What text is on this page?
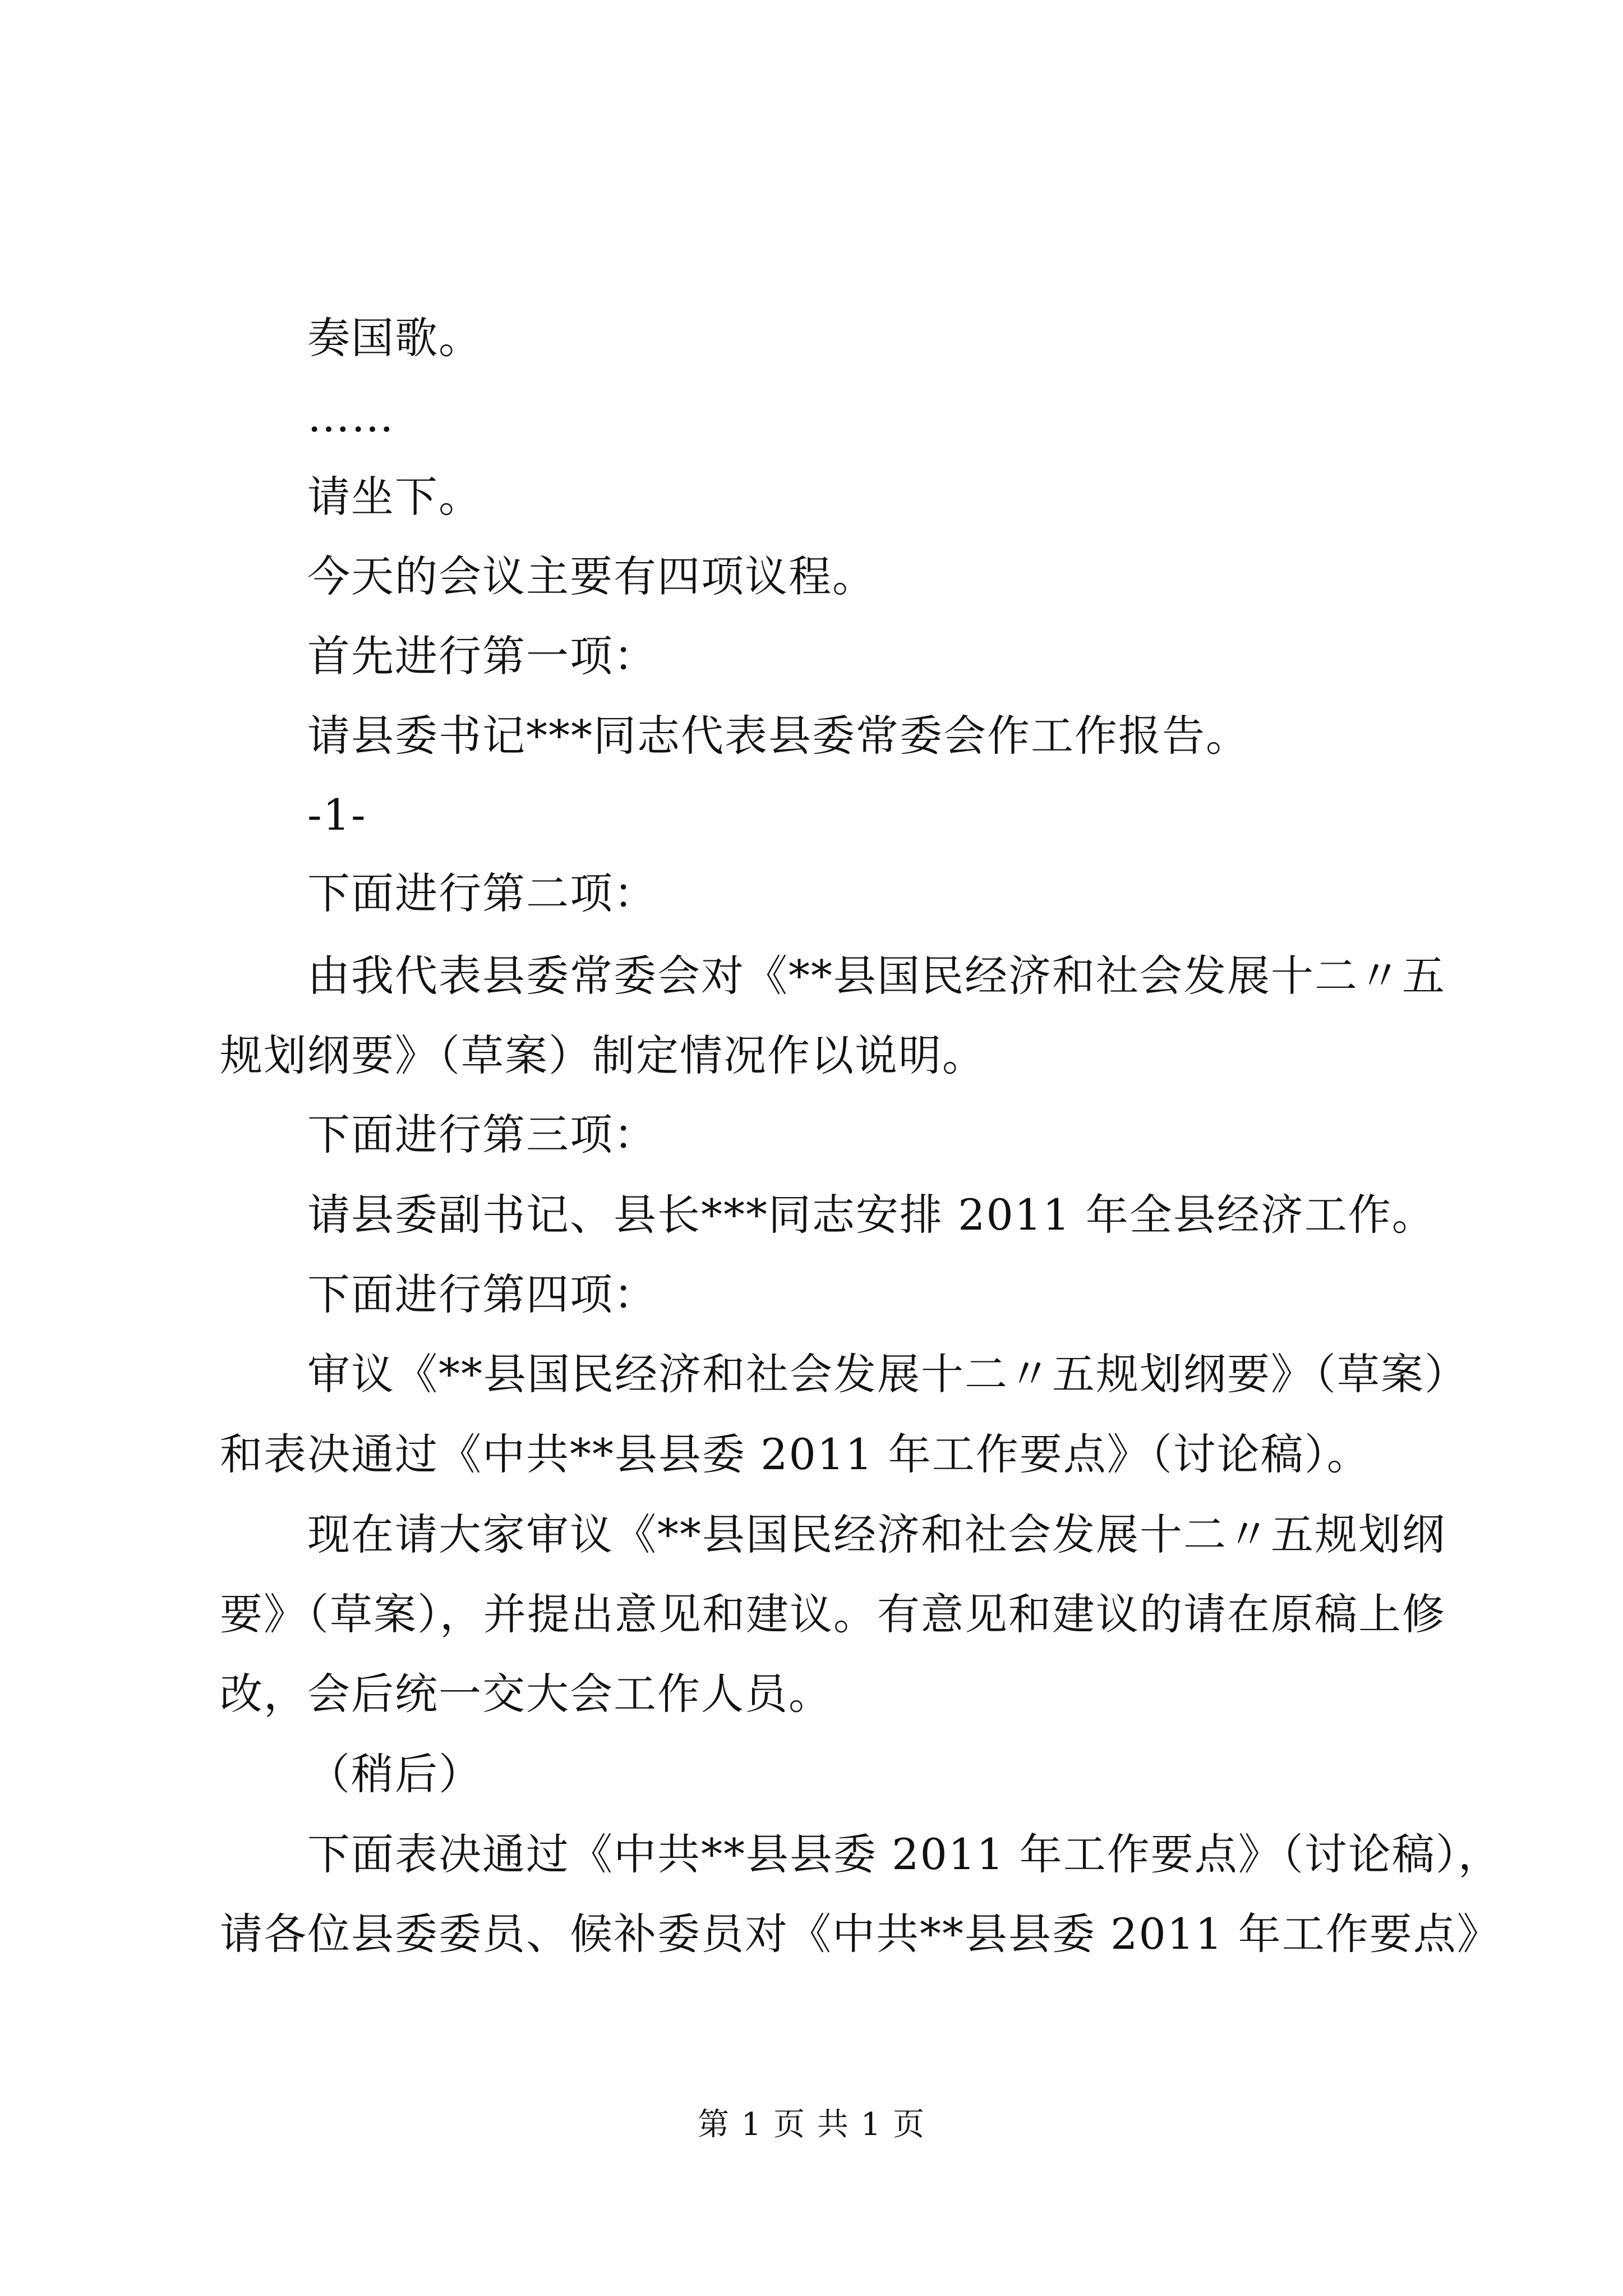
奏国歌。
……
请坐下。
今天的会议主要有四项议程。
首先进行第一项：
请县委书记***同志代表县委常委会作工作报告。
-1-
下面进行第二项：
由我代表县委常委会对《**县国民经济和社会发展十二〃五
规划纲要》（草案）制定情况作以说明。
下面进行第三项：
请县委副书记、县长***同志安排 2011 年全县经济工作。
下面进行第四项：
审议《**县国民经济和社会发展十二〃五规划纲要》（草案）
和表决通过《中共**县县委 2011 年工作要点》（讨论稿）。
现在请大家审议《**县国民经济和社会发展十二〃五规划纲
要》（草案），并提出意见和建议。有意见和建议的请在原稿上修
改，会后统一交大会工作人员。
（稍后）
下面表决通过《中共**县县委 2011 年工作要点》（讨论稿），
请各位县委委员、候补委员对《中共**县县委 2011 年工作要点》
第 1 页 共 1 页
